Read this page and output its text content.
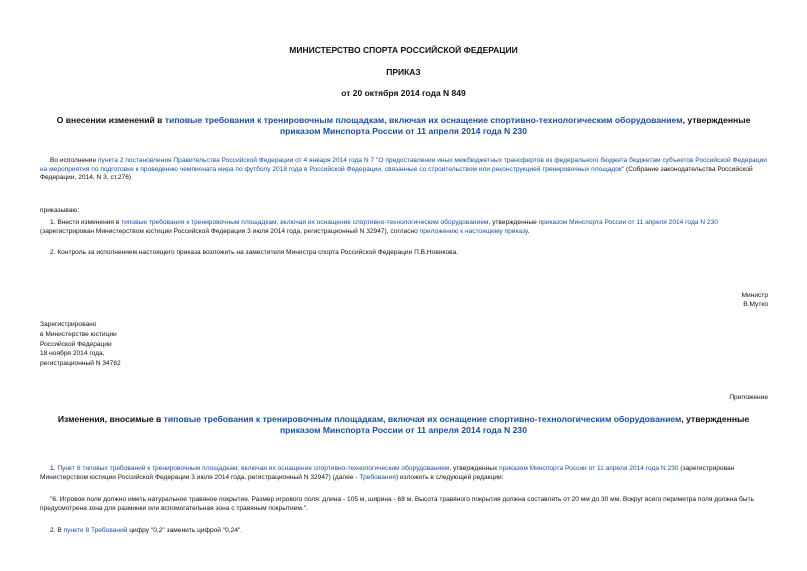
МИНИСТЕРСТВО СПОРТА РОССИЙСКОЙ ФЕДЕРАЦИИ
ПРИКАЗ
от 20 октября 2014 года N 849
О внесении изменений в типовые требования к тренировочным площадкам, включая их оснащение спортивно-технологическим оборудованием, утвержденные приказом Минспорта России от 11 апреля 2014 года N 230
Во исполнение пункта 2 постановления Правительства Российской Федерации от 4 января 2014 года N 7 "О предоставлении иных межбюджетных трансфертов из федерального бюджета бюджетам субъектов Российской Федерации на мероприятия по подготовке к проведению чемпионата мира по футболу 2018 года в Российской Федерации, связанные со строительством или реконструкцией тренировочных площадок" (Собрание законодательства Российской Федерации, 2014, N 3, ст.276)
приказываю:
1. Внести изменения в типовые требования к тренировочным площадкам, включая их оснащение спортивно-технологическим оборудованием, утвержденные приказом Минспорта России от 11 апреля 2014 года N 230 (зарегистрирован Министерством юстиции Российской Федерации 3 июля 2014 года, регистрационный N 32947), согласно приложению к настоящему приказу.
2. Контроль за исполнением настоящего приказа возложить на заместителя Министра спорта Российской Федерации П.В.Новикова.
Министр
В.Мутко
Зарегистрировано
в Министерстве юстиции
Российской Федерации
18 ноября 2014 года,
регистрационный N 34762
Приложение
Изменения, вносимые в типовые требования к тренировочным площадкам, включая их оснащение спортивно-технологическим оборудованием, утвержденные приказом Минспорта России от 11 апреля 2014 года N 230
1. Пункт 6 типовых требований к тренировочным площадкам, включая их оснащение спортивно-технологическим оборудованием, утвержденных приказом Минспорта России от 11 апреля 2014 года N 230 (зарегистрирован Министерством юстиции Российской Федерации 3 июля 2014 года, регистрационный N 32947) (далее - Требования) изложить в следующей редакции:
"6. Игровое поле должно иметь натуральное травяное покрытие. Размер игрового поля: длина - 105 м, ширина - 68 м. Высота травяного покрытия должна составлять от 20 мм до 30 мм. Вокруг всего периметра поля должна быть предусмотрена зона для разминки или вспомогательная зона с травяным покрытием.".
2. В пункте 8 Требований цифру "0,2" заменить цифрой "0,24".
